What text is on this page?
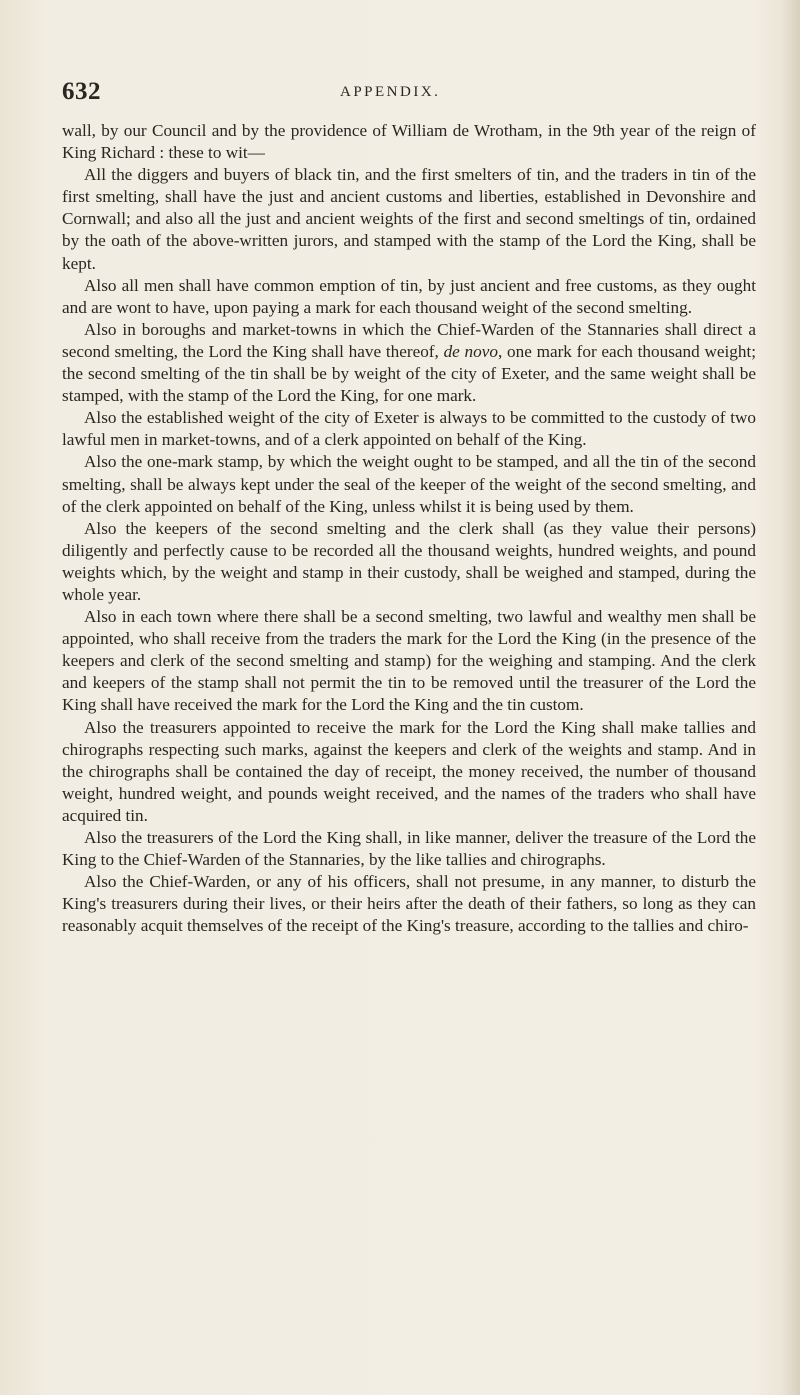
632	APPENDIX.

wall, by our Council and by the providence of William de Wrotham, in the 9th year of the reign of King Richard : these to wit—

All the diggers and buyers of black tin, and the first smelters of tin, and the traders in tin of the first smelting, shall have the just and ancient customs and liberties, established in Devonshire and Cornwall; and also all the just and ancient weights of the first and second smeltings of tin, ordained by the oath of the above-written jurors, and stamped with the stamp of the Lord the King, shall be kept.

Also all men shall have common emption of tin, by just ancient and free customs, as they ought and are wont to have, upon paying a mark for each thousand weight of the second smelting.

Also in boroughs and market-towns in which the Chief-Warden of the Stannaries shall direct a second smelting, the Lord the King shall have thereof, de novo, one mark for each thousand weight; the second smelting of the tin shall be by weight of the city of Exeter, and the same weight shall be stamped, with the stamp of the Lord the King, for one mark.

Also the established weight of the city of Exeter is always to be committed to the custody of two lawful men in market-towns, and of a clerk appointed on behalf of the King.

Also the one-mark stamp, by which the weight ought to be stamped, and all the tin of the second smelting, shall be always kept under the seal of the keeper of the weight of the second smelting, and of the clerk appointed on behalf of the King, unless whilst it is being used by them.

Also the keepers of the second smelting and the clerk shall (as they value their persons) diligently and perfectly cause to be recorded all the thousand weights, hundred weights, and pound weights which, by the weight and stamp in their custody, shall be weighed and stamped, during the whole year.

Also in each town where there shall be a second smelting, two lawful and wealthy men shall be appointed, who shall receive from the traders the mark for the Lord the King (in the presence of the keepers and clerk of the second smelting and stamp) for the weighing and stamping. And the clerk and keepers of the stamp shall not permit the tin to be removed until the treasurer of the Lord the King shall have received the mark for the Lord the King and the tin custom.

Also the treasurers appointed to receive the mark for the Lord the King shall make tallies and chirographs respecting such marks, against the keepers and clerk of the weights and stamp. And in the chirographs shall be contained the day of receipt, the money received, the number of thousand weight, hundred weight, and pounds weight received, and the names of the traders who shall have acquired tin.

Also the treasurers of the Lord the King shall, in like manner, deliver the treasure of the Lord the King to the Chief-Warden of the Stannaries, by the like tallies and chirographs.

Also the Chief-Warden, or any of his officers, shall not presume, in any manner, to disturb the King's treasurers during their lives, or their heirs after the death of their fathers, so long as they can reasonably acquit themselves of the receipt of the King's treasure, according to the tallies and chiro-
